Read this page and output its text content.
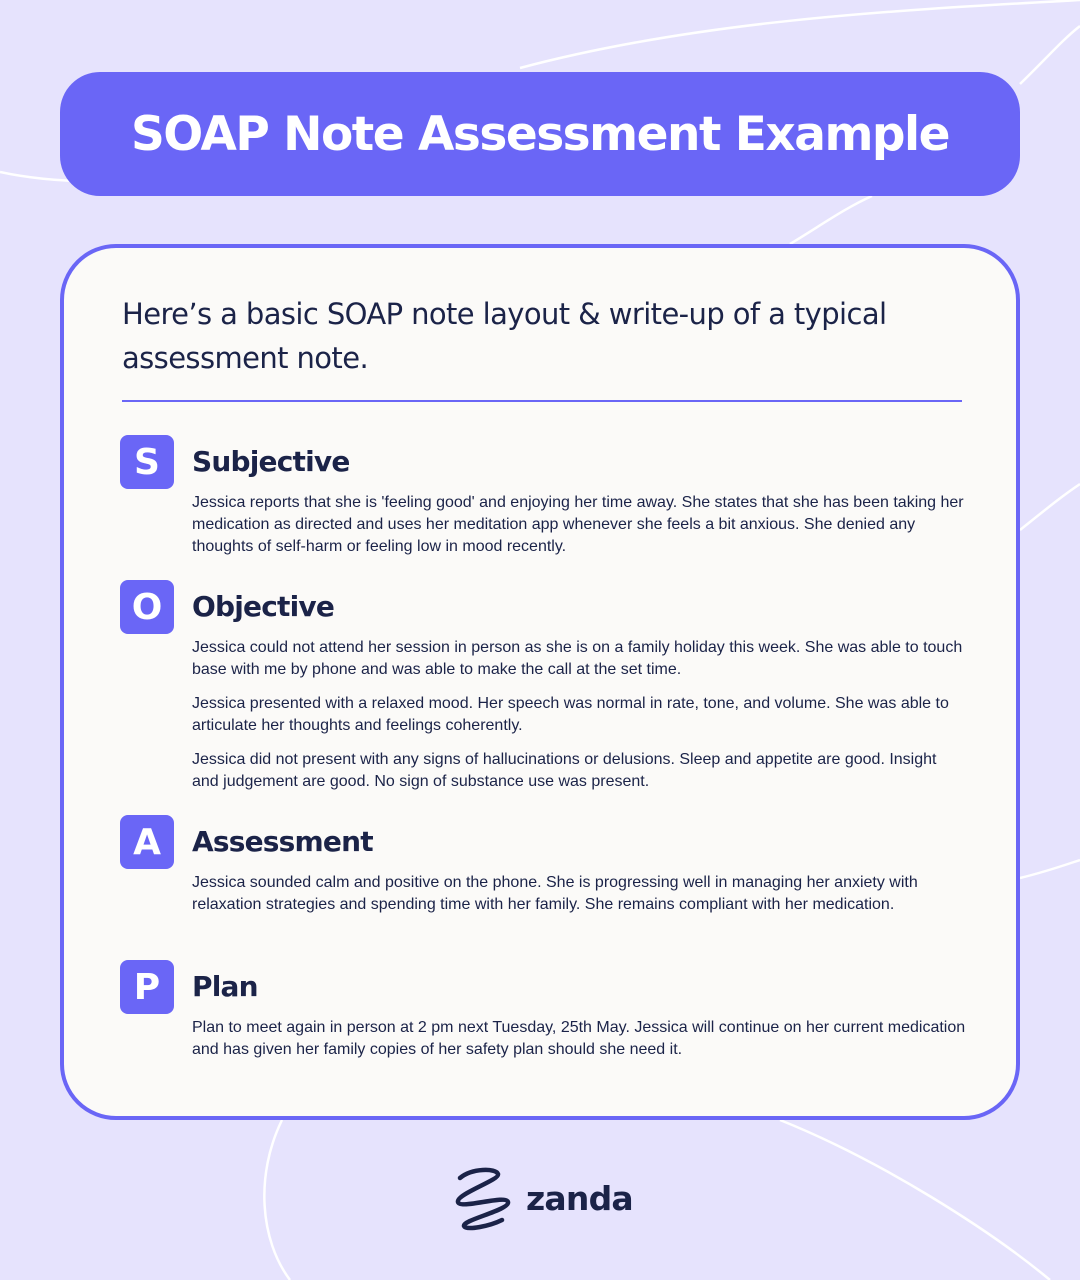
SOAP Note Assessment Example

Here’s a basic SOAP note layout & write-up of a typical assessment note.

S	Subjective

Jessica reports that she is 'feeling good' and enjoying her time away. She states that she has been taking her medication as directed and uses her meditation app whenever she feels a bit anxious. She denied any thoughts of self-harm or feeling low in mood recently.

O	Objective

Jessica could not attend her session in person as she is on a family holiday this week. She was able to touch base with me by phone and was able to make the call at the set time.

Jessica presented with a relaxed mood. Her speech was normal in rate, tone, and volume. She was able to articulate her thoughts and feelings coherently.

Jessica did not present with any signs of hallucinations or delusions. Sleep and appetite are good. Insight and judgement are good. No sign of substance use was present.

A	Assessment

Jessica sounded calm and positive on the phone. She is progressing well in managing her anxiety with relaxation strategies and spending time with her family. She remains compliant with her medication.

P	Plan

Plan to meet again in person at 2 pm next Tuesday, 25th May. Jessica will continue on her current medication and has given her family copies of her safety plan should she need it.

zanda
